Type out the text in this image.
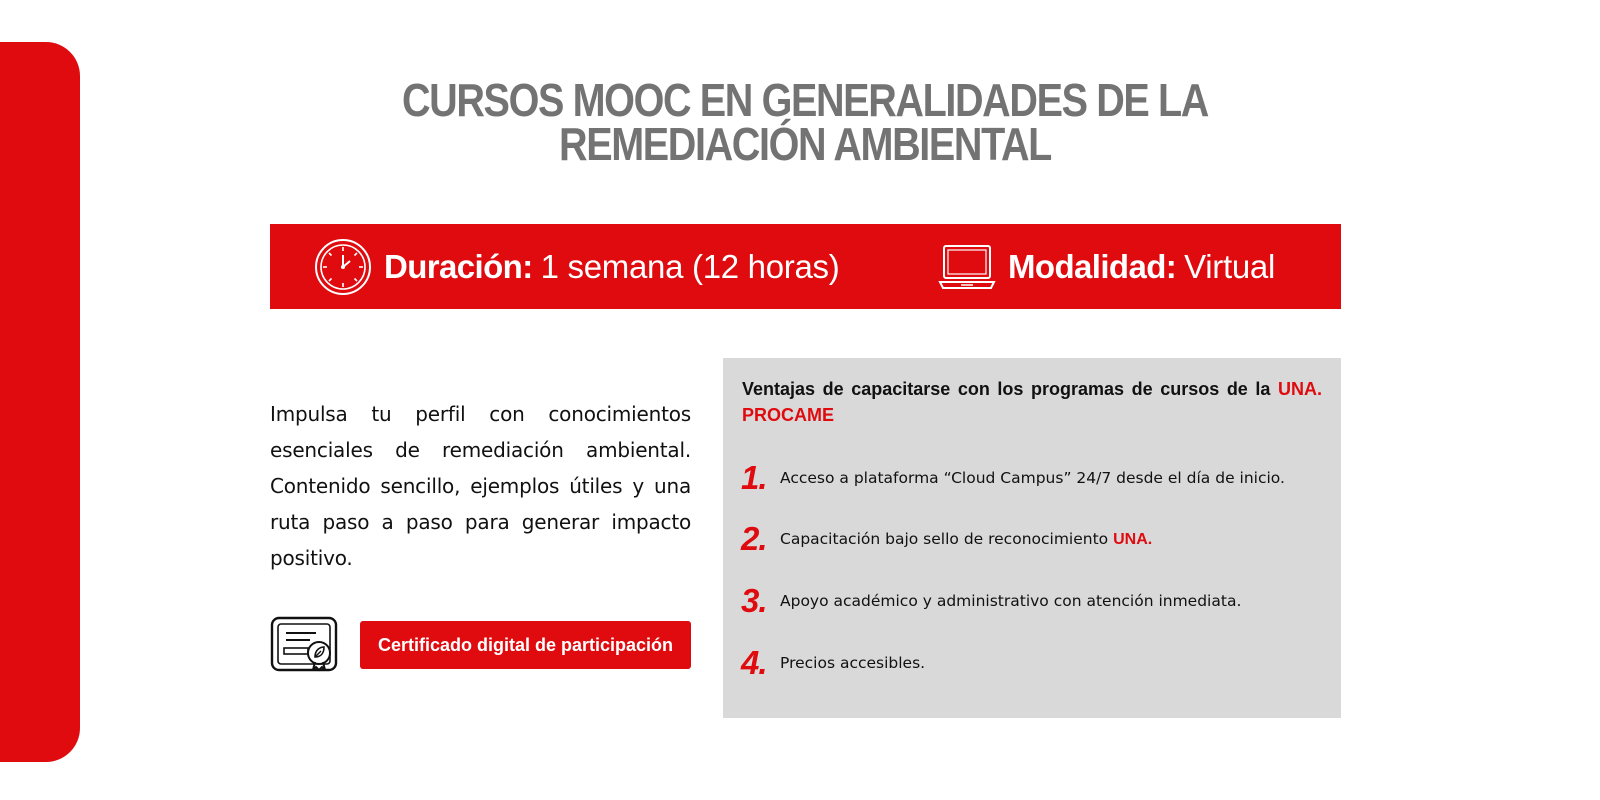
CURSOS MOOC EN GENERALIDADES DE LA
REMEDIACIÓN AMBIENTAL
Duración: 1 semana (12 horas)	Modalidad: Virtual

Impulsa tu perfil con conocimientos esenciales de remediación ambiental. Contenido sencillo, ejemplos útiles y una ruta paso a paso para generar impacto positivo.

Certificado digital de participación

Ventajas de capacitarse con los programas de cursos de la UNA. PROCAME

1. Acceso a plataforma “Cloud Campus” 24/7 desde el día de inicio.
2. Capacitación bajo sello de reconocimiento UNA.
3. Apoyo académico y administrativo con atención inmediata.
4. Precios accesibles.
